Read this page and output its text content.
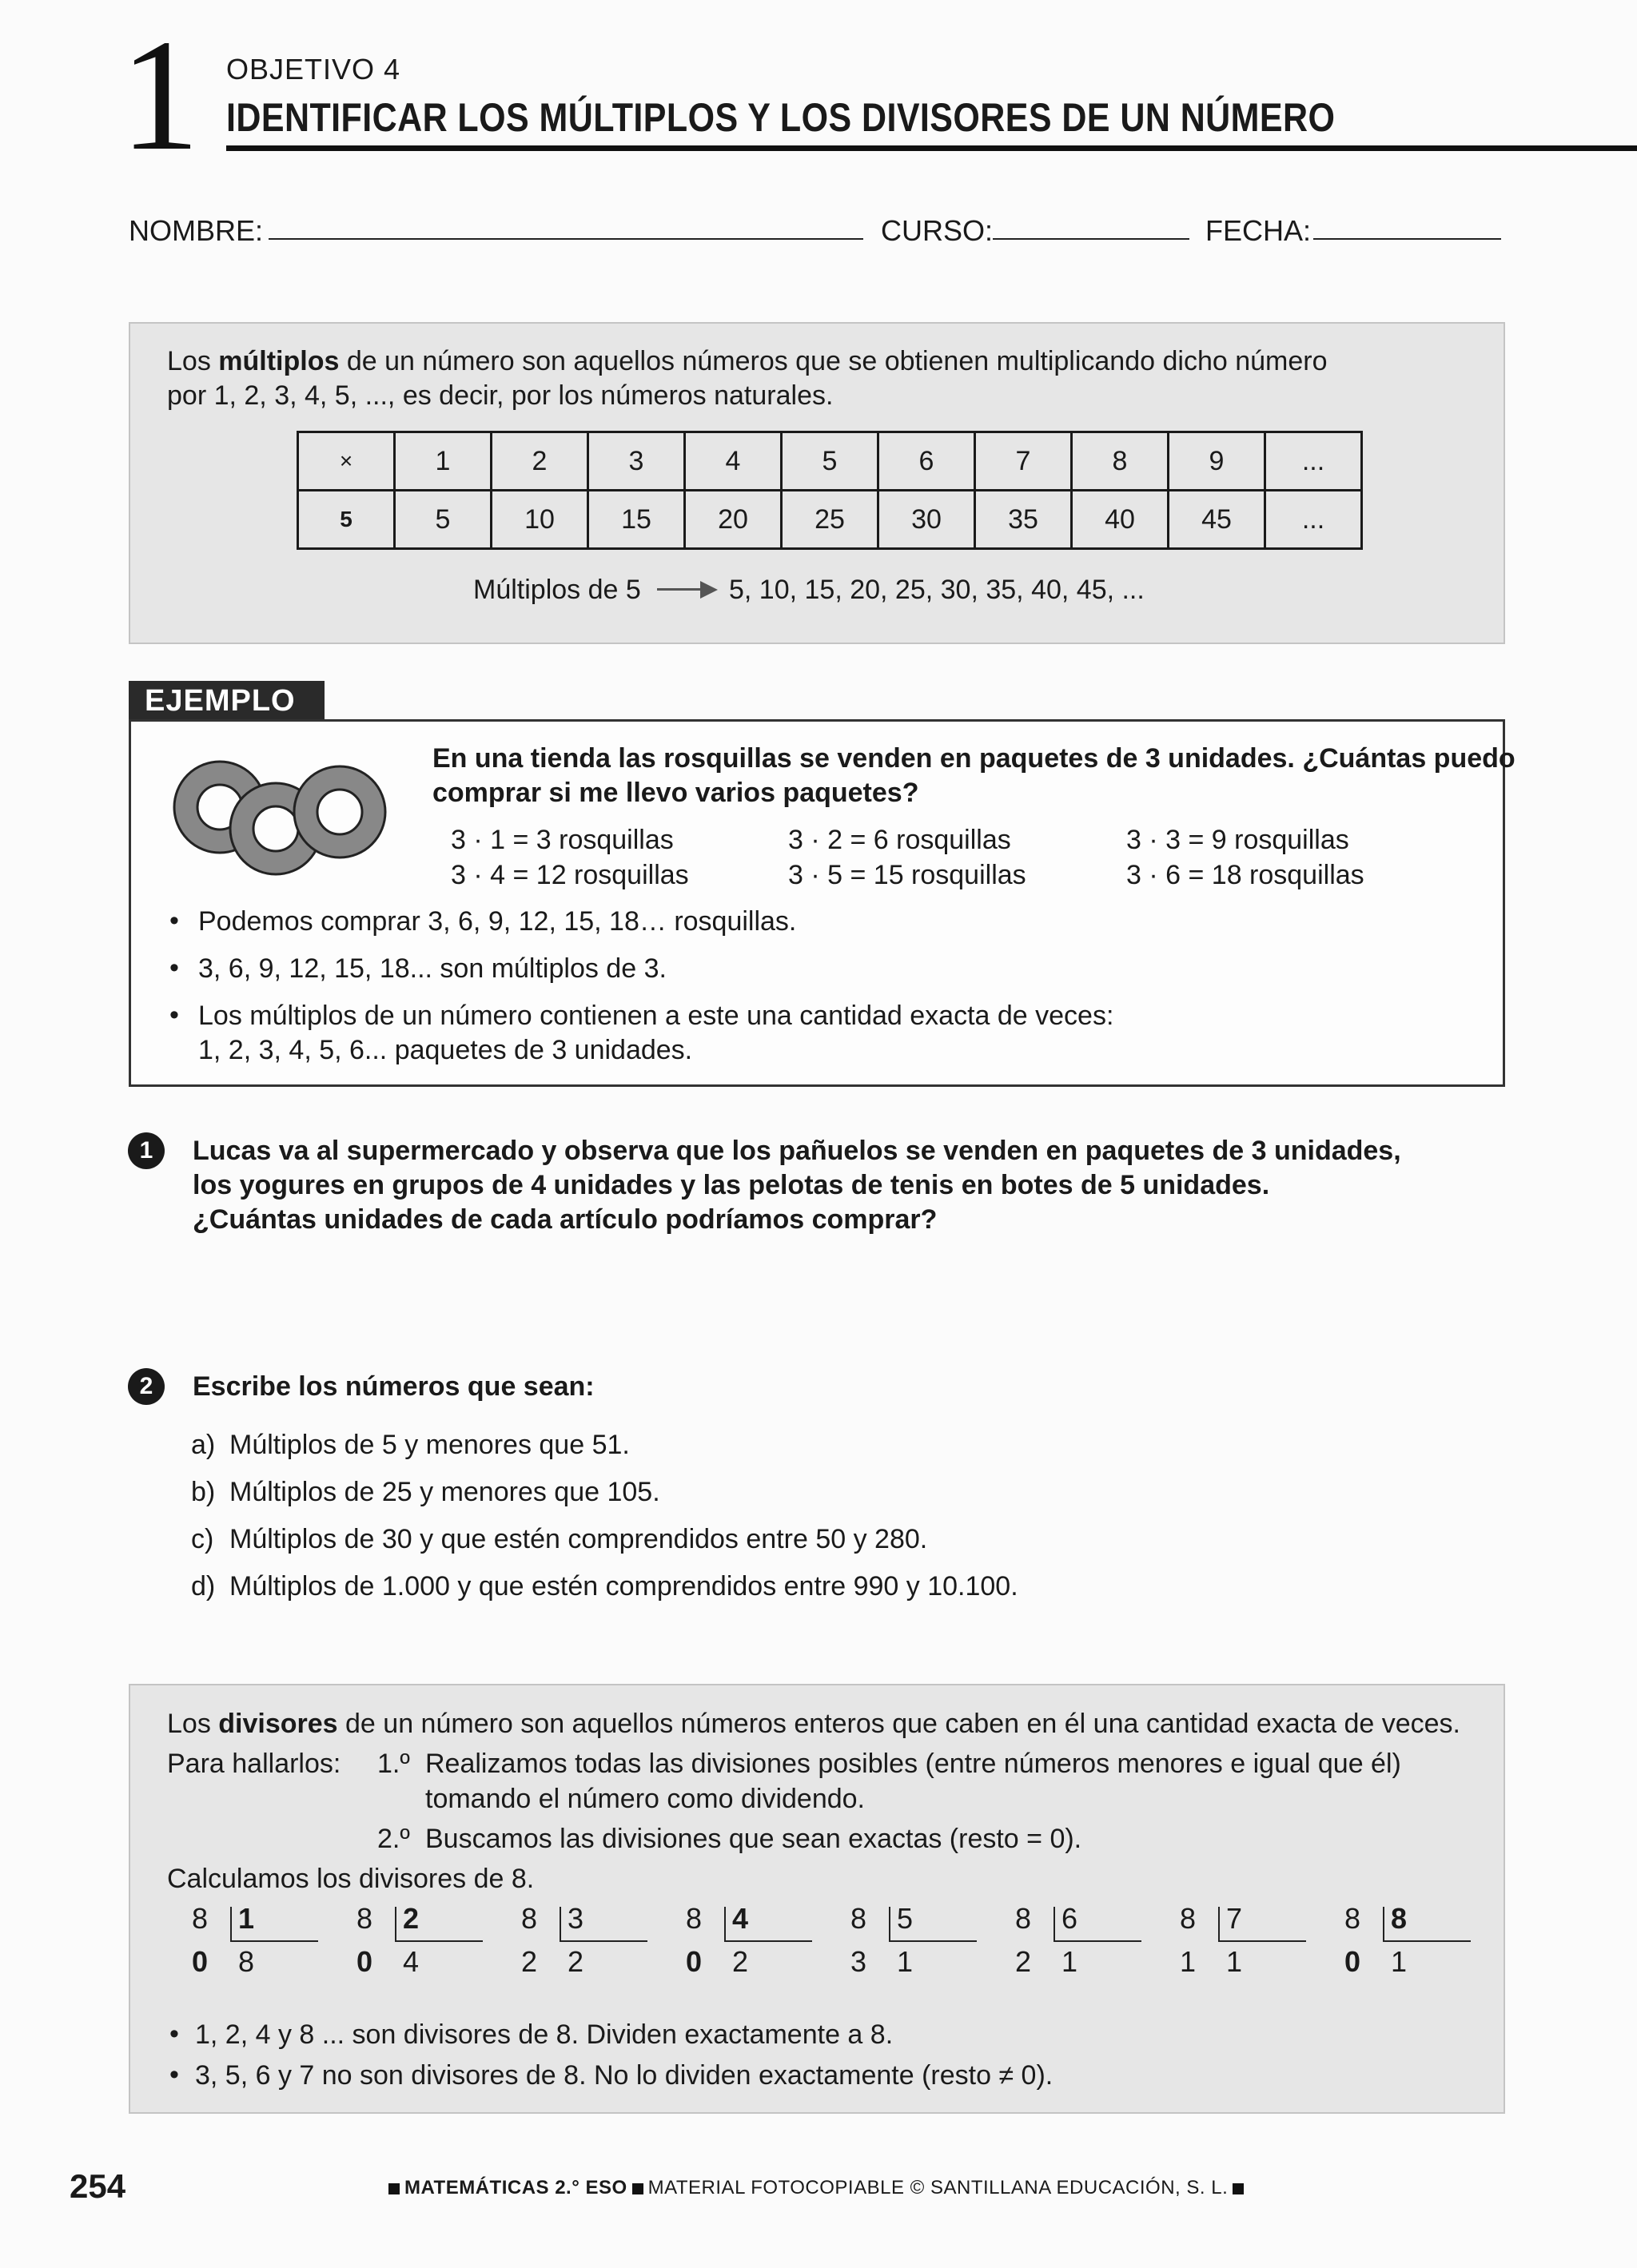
1 OBJETIVO 4
IDENTIFICAR LOS MÚLTIPLOS Y LOS DIVISORES DE UN NÚMERO
NOMBRE:	CURSO:	FECHA:
Los múltiplos de un número son aquellos números que se obtienen multiplicando dicho número
por 1, 2, 3, 4, 5, ..., es decir, por los números naturales.
×	1	2	3	4	5	6	7	8	9	...
5	5	10	15	20	25	30	35	40	45	...
Múltiplos de 5	5, 10, 15, 20, 25, 30, 35, 40, 45, ...
EJEMPLO
En una tienda las rosquillas se venden en paquetes de 3 unidades. ¿Cuántas puedo
comprar si me llevo varios paquetes?
3 · 1 = 3 rosquillas	3 · 2 = 6 rosquillas	3 · 3 = 9 rosquillas
3 · 4 = 12 rosquillas	3 · 5 = 15 rosquillas	3 · 6 = 18 rosquillas
• Podemos comprar 3, 6, 9, 12, 15, 18… rosquillas.
• 3, 6, 9, 12, 15, 18... son múltiplos de 3.
• Los múltiplos de un número contienen a este una cantidad exacta de veces:
1, 2, 3, 4, 5, 6... paquetes de 3 unidades.
1	Lucas va al supermercado y observa que los pañuelos se venden en paquetes de 3 unidades,
los yogures en grupos de 4 unidades y las pelotas de tenis en botes de 5 unidades.
¿Cuántas unidades de cada artículo podríamos comprar?
2	Escribe los números que sean:
a) Múltiplos de 5 y menores que 51.
b) Múltiplos de 25 y menores que 105.
c) Múltiplos de 30 y que estén comprendidos entre 50 y 280.
d) Múltiplos de 1.000 y que estén comprendidos entre 990 y 10.100.
Los divisores de un número son aquellos números enteros que caben en él una cantidad exacta de veces.
Para hallarlos: 1.º Realizamos todas las divisiones posibles (entre números menores e igual que él)
tomando el número como dividendo.
2.º Buscamos las divisiones que sean exactas (resto = 0).
Calculamos los divisores de 8.
8 1
0 8
8 2
0 4
8 3
2 2
8 4
0 2
8 5
3 1
8 6
2 1
8 7
1 1
8 8
0 1
• 1, 2, 4 y 8 ... son divisores de 8. Dividen exactamente a 8.
• 3, 5, 6 y 7 no son divisores de 8. No lo dividen exactamente (resto ≠ 0).
254	MATEMÁTICAS 2.° ESO MATERIAL FOTOCOPIABLE © SANTILLANA EDUCACIÓN, S. L.
